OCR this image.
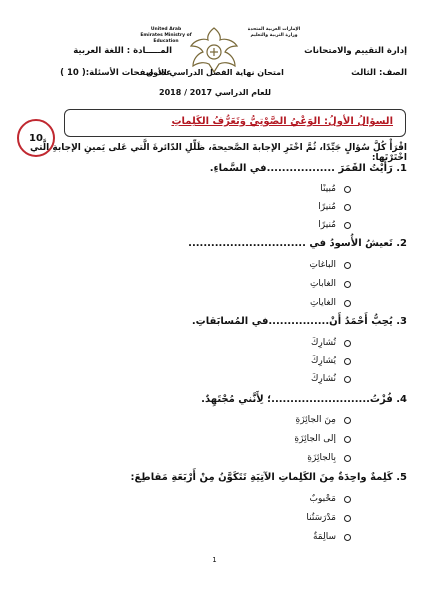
إدارة التقييم والامتحانات
الصف: الثالث
المـــــادة : اللغة العربية
عدد صفحات الأسئلة:( 10 )
United Arab Emirates Ministry of Education
الإمارات العربية المتحدة وزارة التربية والتعليم
امتحان نهاية الفصل الدراسي الأول
للعام الدراسي 2017 / 2018
السؤالُ الأولُ: الوَعْيُ الصَّوْتِيُّ وَتَعَرُّفُ الكَلِماتِ
10
اقْرَأْ كُلَّ سُؤالٍ جَيِّدًا، ثُمَّ اخْتَرِ الإجابةَ الصَّحيحةَ، ظَلِّلِ الدّائرةَ الَّتي عَلى يَمينِ الإجابةِ الَّتي اخْتَرْتَها:
1. رَأَيْتُ القَمَرَ ..................في السَّماءِ.
مُبينًا
مُنيرًا
مُنيرًا
2. تَعيشُ الأُسودُ في ...............................
الباغاتِ
الغاباتِ
الغاياتِ
3. يُحِبُّ أَحْمَدُ أَنْ................في المُسابَقاتِ.
تُشارِكَ
يُشارِكَ
نُشارِكَ
4. فُزْتُ..........................؛ لِأَنَّني مُجْتَهِدٌ.
مِنَ الجائِزَةِ
إلى الجائِزَةِ
بِالجائِزَةِ
5. كَلِمةٌ واحِدَةٌ مِنَ الكَلِماتِ الآتِيَةِ تَتَكَوَّنُ مِنْ أَرْبَعَةِ مَقاطِعَ:
مَحْبوبٌ
مَدْرَسَتُنا
سالِمَةٌ
1
